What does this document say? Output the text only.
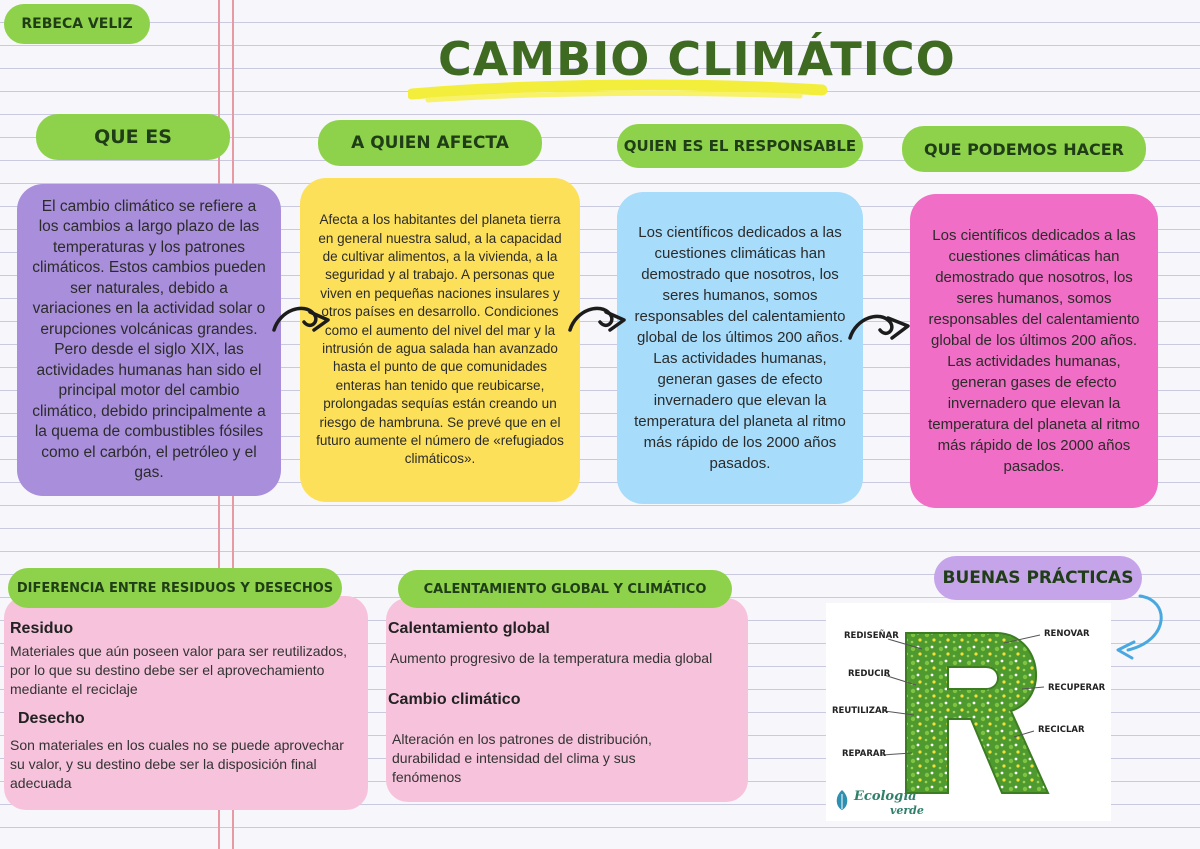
REBECA VELIZ
CAMBIO CLIMÁTICO
QUE ES	A QUIEN AFECTA	QUIEN ES EL RESPONSABLE	QUE PODEMOS HACER

El cambio climático se refiere a los cambios a largo plazo de las temperaturas y los patrones climáticos. Estos cambios pueden ser naturales, debido a variaciones en la actividad solar o erupciones volcánicas grandes. Pero desde el siglo XIX, las actividades humanas han sido el principal motor del cambio climático, debido principalmente a la quema de combustibles fósiles como el carbón, el petróleo y el gas.

Afecta a los habitantes del planeta tierra en general nuestra salud, a la capacidad de cultivar alimentos, a la vivienda, a la seguridad y al trabajo. A personas que viven en pequeñas naciones insulares y otros países en desarrollo. Condiciones como el aumento del nivel del mar y la intrusión de agua salada han avanzado hasta el punto de que comunidades enteras han tenido que reubicarse, prolongadas sequías están creando un riesgo de hambruna. Se prevé que en el futuro aumente el número de «refugiados climáticos».

Los científicos dedicados a las cuestiones climáticas han demostrado que nosotros, los seres humanos, somos responsables del calentamiento global de los últimos 200 años. Las actividades humanas, generan gases de efecto invernadero que elevan la temperatura del planeta al ritmo más rápido de los 2000 años pasados.

Los científicos dedicados a las cuestiones climáticas han demostrado que nosotros, los seres humanos, somos responsables del calentamiento global de los últimos 200 años. Las actividades humanas, generan gases de efecto invernadero que elevan la temperatura del planeta al ritmo más rápido de los 2000 años pasados.

Residuo
Materiales que aún poseen valor para ser reutilizados, por lo que su destino debe ser el aprovechamiento mediante el reciclaje
Desecho
Son materiales en los cuales no se puede aprovechar su valor, y su destino debe ser la disposición final adecuada
DIFERENCIA ENTRE RESIDUOS Y DESECHOS
Calentamiento global
Aumento progresivo de la temperatura media global
Cambio climático
Alteración en los patrones de distribución, durabilidad e intensidad del clima y sus fenómenos
CALENTAMIENTO GLOBAL Y CLIMÁTICO
BUENAS PRÁCTICAS
REDISEÑAR
REDUCIR
REUTILIZAR
REPARAR
RENOVAR
RECUPERAR
RECICLAR
Ecología
verde
